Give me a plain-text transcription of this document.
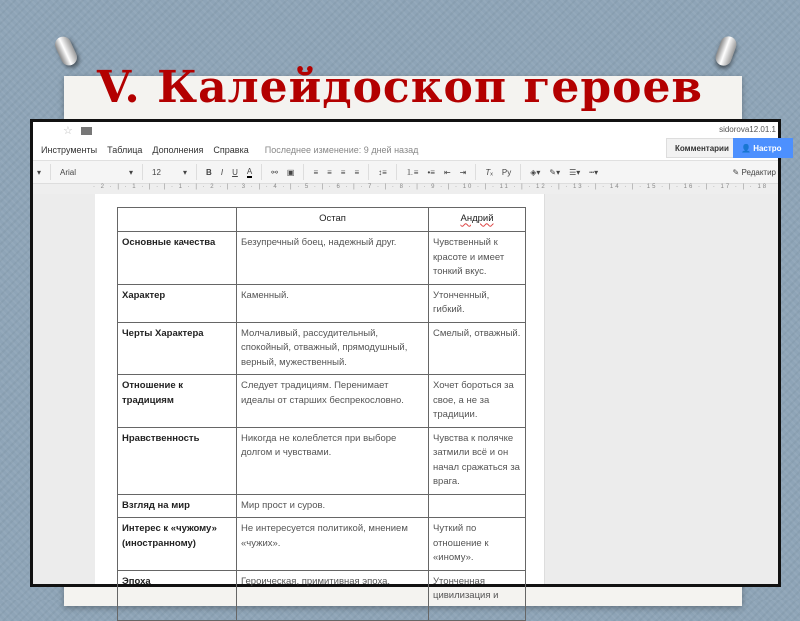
V. Калейдоскоп героев
☆	sidorova12.01.1
Инструменты Таблица Дополнения Справка Последнее изменение: 9 дней назад	Комментарии	👤 Настро
▾ Arial	▾ 12	▾ B I U A ⚯ ▣ ≡ ≡ ≡ ≡ ↕≡ ⒈≡ •≡ ⇤ ⇥ Tₓ Ру ◈▾ ✎▾ ☰▾ ┅▾	✎ Редактир
· 2 · | · 1 · | · | · 1 · | · 2 · | · 3 · | · 4 · | · 5 · | · 6 · | · 7 · | · 8 · | · 9 · | · 10 · | · 11 · | · 12 · | · 13 · | · 14 · | · 15 · | · 16 · | · 17 · | · 18
	Остап	Андрий
Основные качества	Безупречный боец, надежный друг.	Чувственный к красоте и имеет тонкий вкус.
Характер	Каменный.	Утонченный, гибкий.
Черты Характера	Молчаливый, рассудительный, спокойный, отважный, прямодушный, верный, мужественный.	Смелый, отважный.
Отношение к традициям	Следует традициям. Перенимает идеалы от старших беспрекословно.	Хочет бороться за свое, а не за традиции.
Нравственность	Никогда не колеблется при выборе долгом и чувствами.	Чувства к полячке затмили всё и он начал сражаться за врага.
Взгляд на мир	Мир прост и суров.	
Интерес к «чужому» (иностранному)	Не интересуется политикой, мнением «чужих».	Чуткий по отношение к «иному».
Эпоха	Героическая, примитивная эпоха.	Утонченная цивилизация и
